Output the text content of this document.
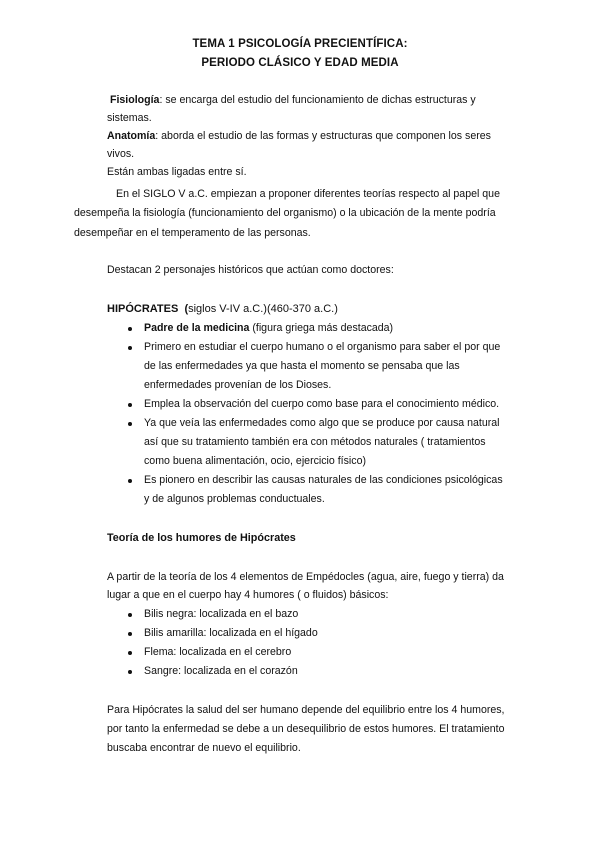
TEMA 1 PSICOLOGÍA PRECIENTÍFICA:
PERIODO CLÁSICO Y EDAD MEDIA
Fisiología: se encarga del estudio del funcionamiento de dichas estructuras y
sistemas.
Anatomía: aborda el estudio de las formas y estructuras que componen los seres
vivos.
Están ambas ligadas entre sí.
En el SIGLO V a.C. empiezan a proponer diferentes teorías respecto al papel que
desempeña la fisiología (funcionamiento del organismo) o la ubicación de la mente podría
desempeñar en el temperamento de las personas.
Destacan 2 personajes históricos que actúan como doctores:
HIPÓCRATES (siglos V-IV a.C.)(460-370 a.C.)
Padre de la medicina (figura griega más destacada)
Primero en estudiar el cuerpo humano o el organismo para saber el por que
de las enfermedades ya que hasta el momento se pensaba que las
enfermedades provenían de los Dioses.
Emplea la observación del cuerpo como base para el conocimiento médico.
Ya que veía las enfermedades como algo que se produce por causa natural
así que su tratamiento también era con métodos naturales ( tratamientos
como buena alimentación, ocio, ejercicio físico)
Es pionero en describir las causas naturales de las condiciones psicológicas
y de algunos problemas conductuales.
Teoría de los humores de Hipócrates
A partir de la teoría de los 4 elementos de Empédocles (agua, aire, fuego y tierra) da
lugar a que en el cuerpo hay 4 humores ( o fluidos) básicos:
Bilis negra: localizada en el bazo
Bilis amarilla: localizada en el hígado
Flema: localizada en el cerebro
Sangre: localizada en el corazón
Para Hipócrates la salud del ser humano depende del equilibrio entre los 4 humores,
por tanto la enfermedad se debe a un desequilibrio de estos humores. El tratamiento
buscaba encontrar de nuevo el equilibrio.
